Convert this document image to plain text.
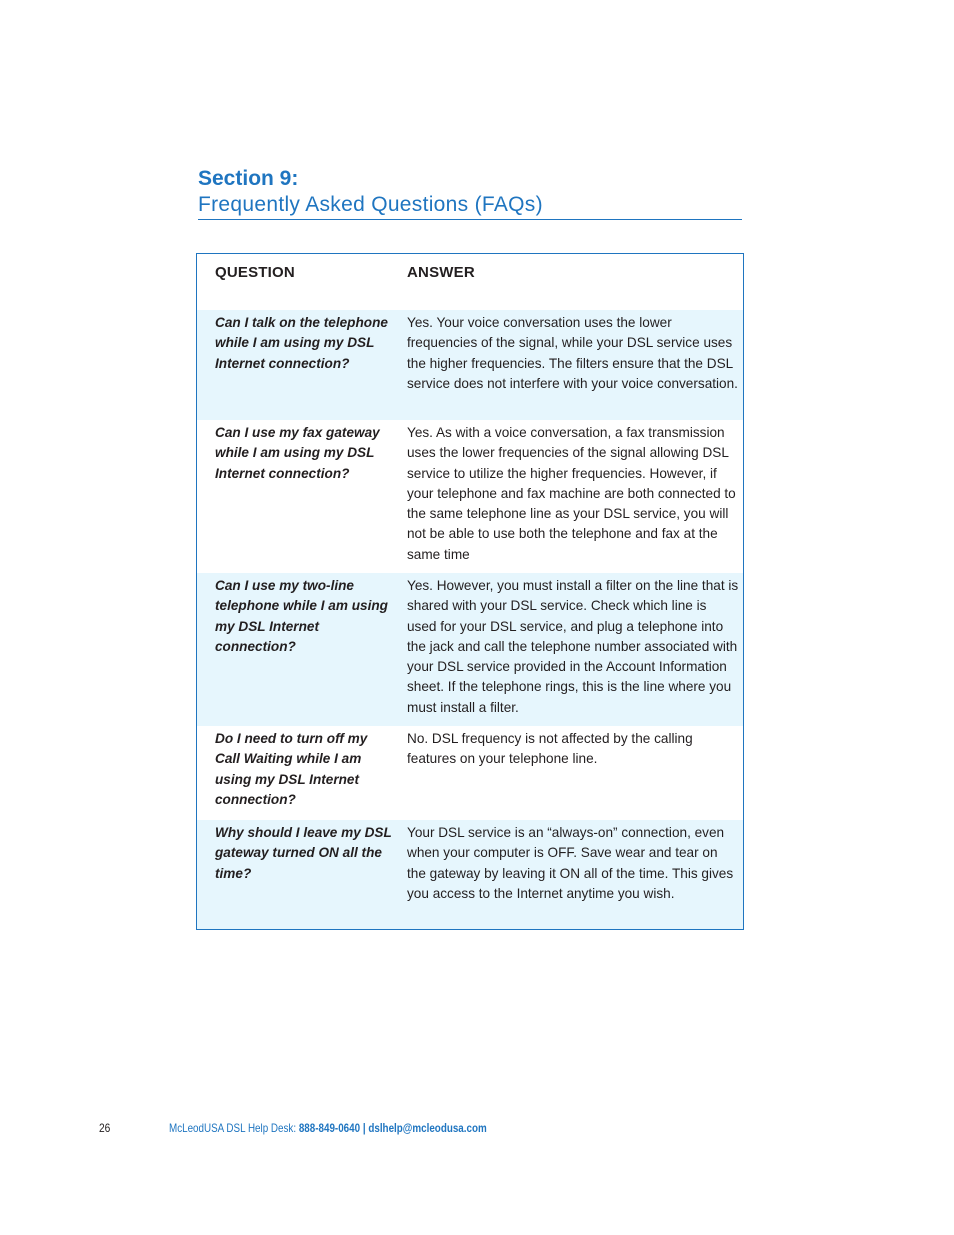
Section 9:
Frequently Asked Questions (FAQs)
QUESTION	ANSWER
Can I talk on the telephone while I am using my DSL Internet connection?
Yes. Your voice conversation uses the lower frequencies of the signal, while your DSL service uses the higher frequencies. The filters ensure that the DSL service does not interfere with your voice conversation.
Can I use my fax gateway while I am using my DSL Internet connection?
Yes. As with a voice conversation, a fax transmission uses the lower frequencies of the signal allowing DSL service to utilize the higher frequencies. However, if your telephone and fax machine are both connected to the same telephone line as your DSL service, you will not be able to use both the telephone and fax at the same time
Can I use my two-line telephone while I am using my DSL Internet connection?
Yes. However, you must install a filter on the line that is shared with your DSL service. Check which line is used for your DSL service, and plug a telephone into the jack and call the telephone number associated with your DSL service provided in the Account Information sheet. If the telephone rings, this is the line where you must install a filter.
Do I need to turn off my Call Waiting while I am using my DSL Internet connection?
No. DSL frequency is not affected by the calling features on your telephone line.
Why should I leave my DSL gateway turned ON all the time?
Your DSL service is an “always-on” connection, even when your computer is OFF. Save wear and tear on the gateway by leaving it ON all of the time. This gives you access to the Internet anytime you wish.
26	McLeodUSA DSL Help Desk: 888-849-0640 | dslhelp@mcleodusa.com
